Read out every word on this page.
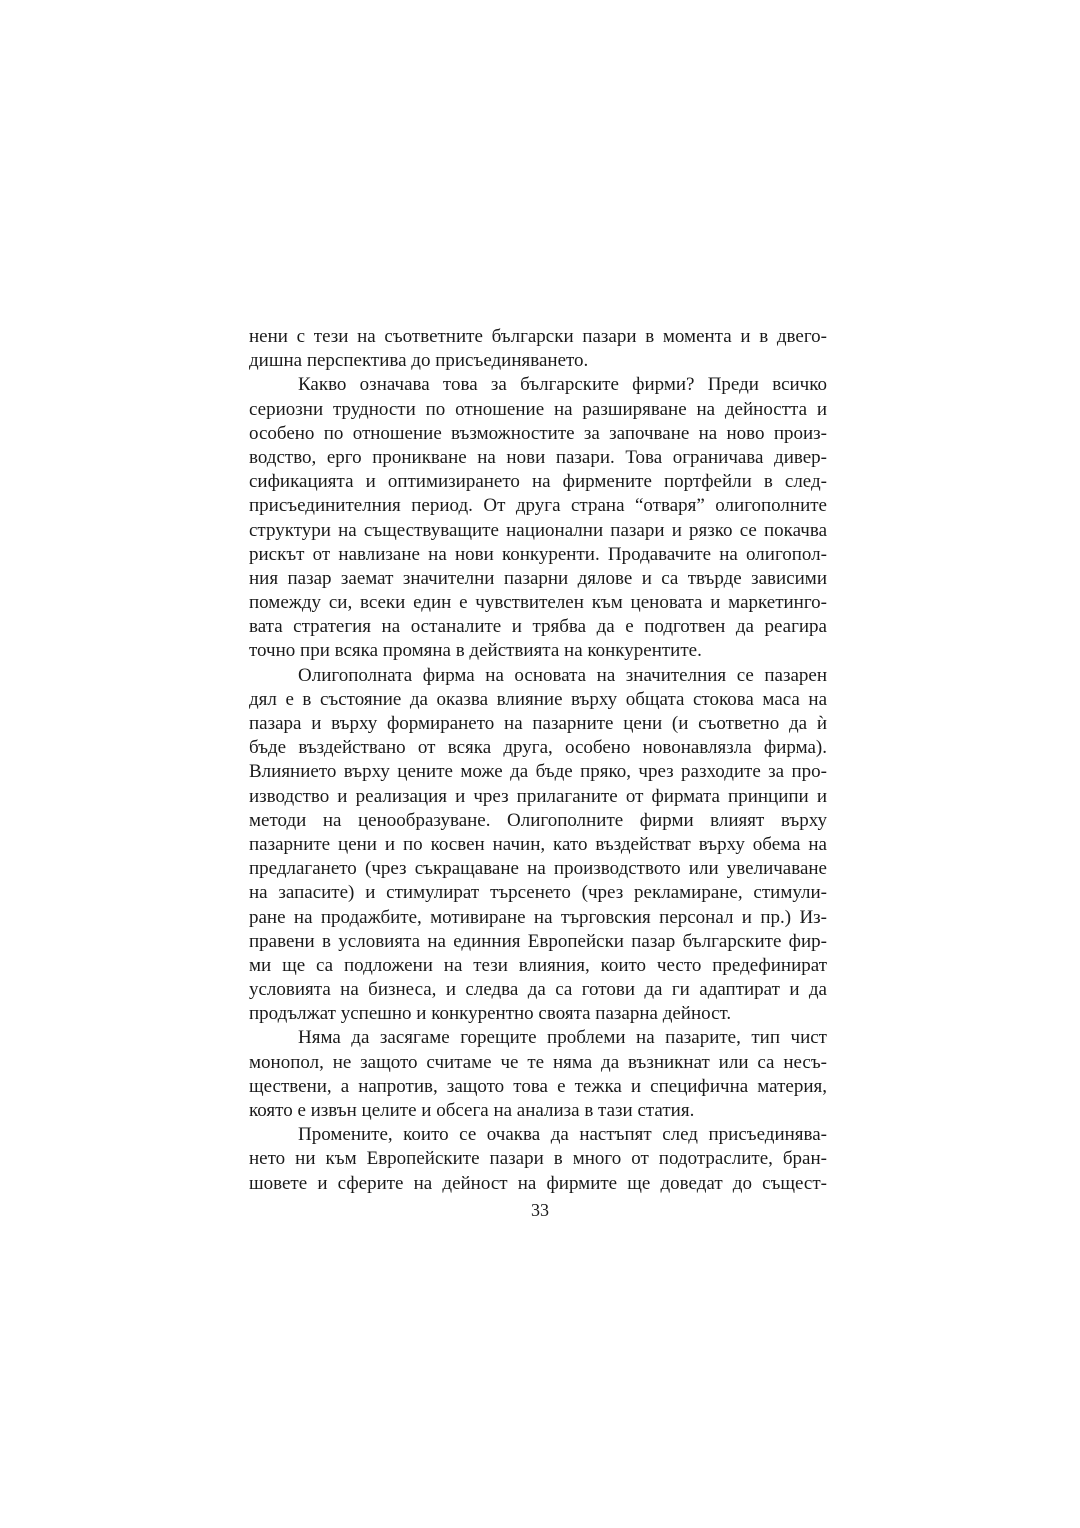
нени с тези на съответните български пазари в момента и в двего-
дишна перспектива до присъединяването.
Какво означава това за българските фирми? Преди всичко
сериозни трудности по отношение на разширяване на дейността и
особено по отношение възможностите за започване на ново произ-
водство, ерго проникване на нови пазари. Това ограничава дивер-
сификацията и оптимизирането на фирмените портфейли в след-
присъединителния период. От друга страна “отваря” олигополните
структури на съществуващите национални пазари и рязко се покачва
рискът от навлизане на нови конкуренти. Продавачите на олигопол-
ния пазар заемат значителни пазарни дялове и са твърде зависими
помежду си, всеки един е чувствителен към ценовата и маркетинго-
вата стратегия на останалите и трябва да е подготвен да реагира
точно при всяка промяна в действията на конкурентите.
Олигополната фирма на основата на значителния се пазарен
дял е в състояние да оказва влияние върху общата стокова маса на
пазара и върху формирането на пазарните цени (и съответно да ѝ
бъде въздействано от всяка друга, особено новонавлязла фирма).
Влиянието върху цените може да бъде пряко, чрез разходите за про-
изводство и реализация и чрез прилаганите от фирмата принципи и
методи на ценообразуване. Олигополните фирми влияят върху
пазарните цени и по косвен начин, като въздействат върху обема на
предлагането (чрез съкращаване на производството или увеличаване
на запасите) и стимулират търсенето (чрез рекламиране, стимули-
ране на продажбите, мотивиране на търговския персонал и пр.) Из-
правени в условията на единния Европейски пазар българските фир-
ми ще са подложени на тези влияния, които често предефинират
условията на бизнеса, и следва да са готови да ги адаптират и да
продължат успешно и конкурентно своята пазарна дейност.
Няма да засягаме горещите проблеми на пазарите, тип чист
монопол, не защото считаме че те няма да възникнат или са несъ-
ществени, а напротив, защото това е тежка и специфична материя,
която е извън целите и обсега на анализа в тази статия.
Промените, които се очаква да настъпят след присъединява-
нето ни към Европейските пазари в много от подотраслите, бран-
шовете и сферите на дейност на фирмите ще доведат до същест-
33
